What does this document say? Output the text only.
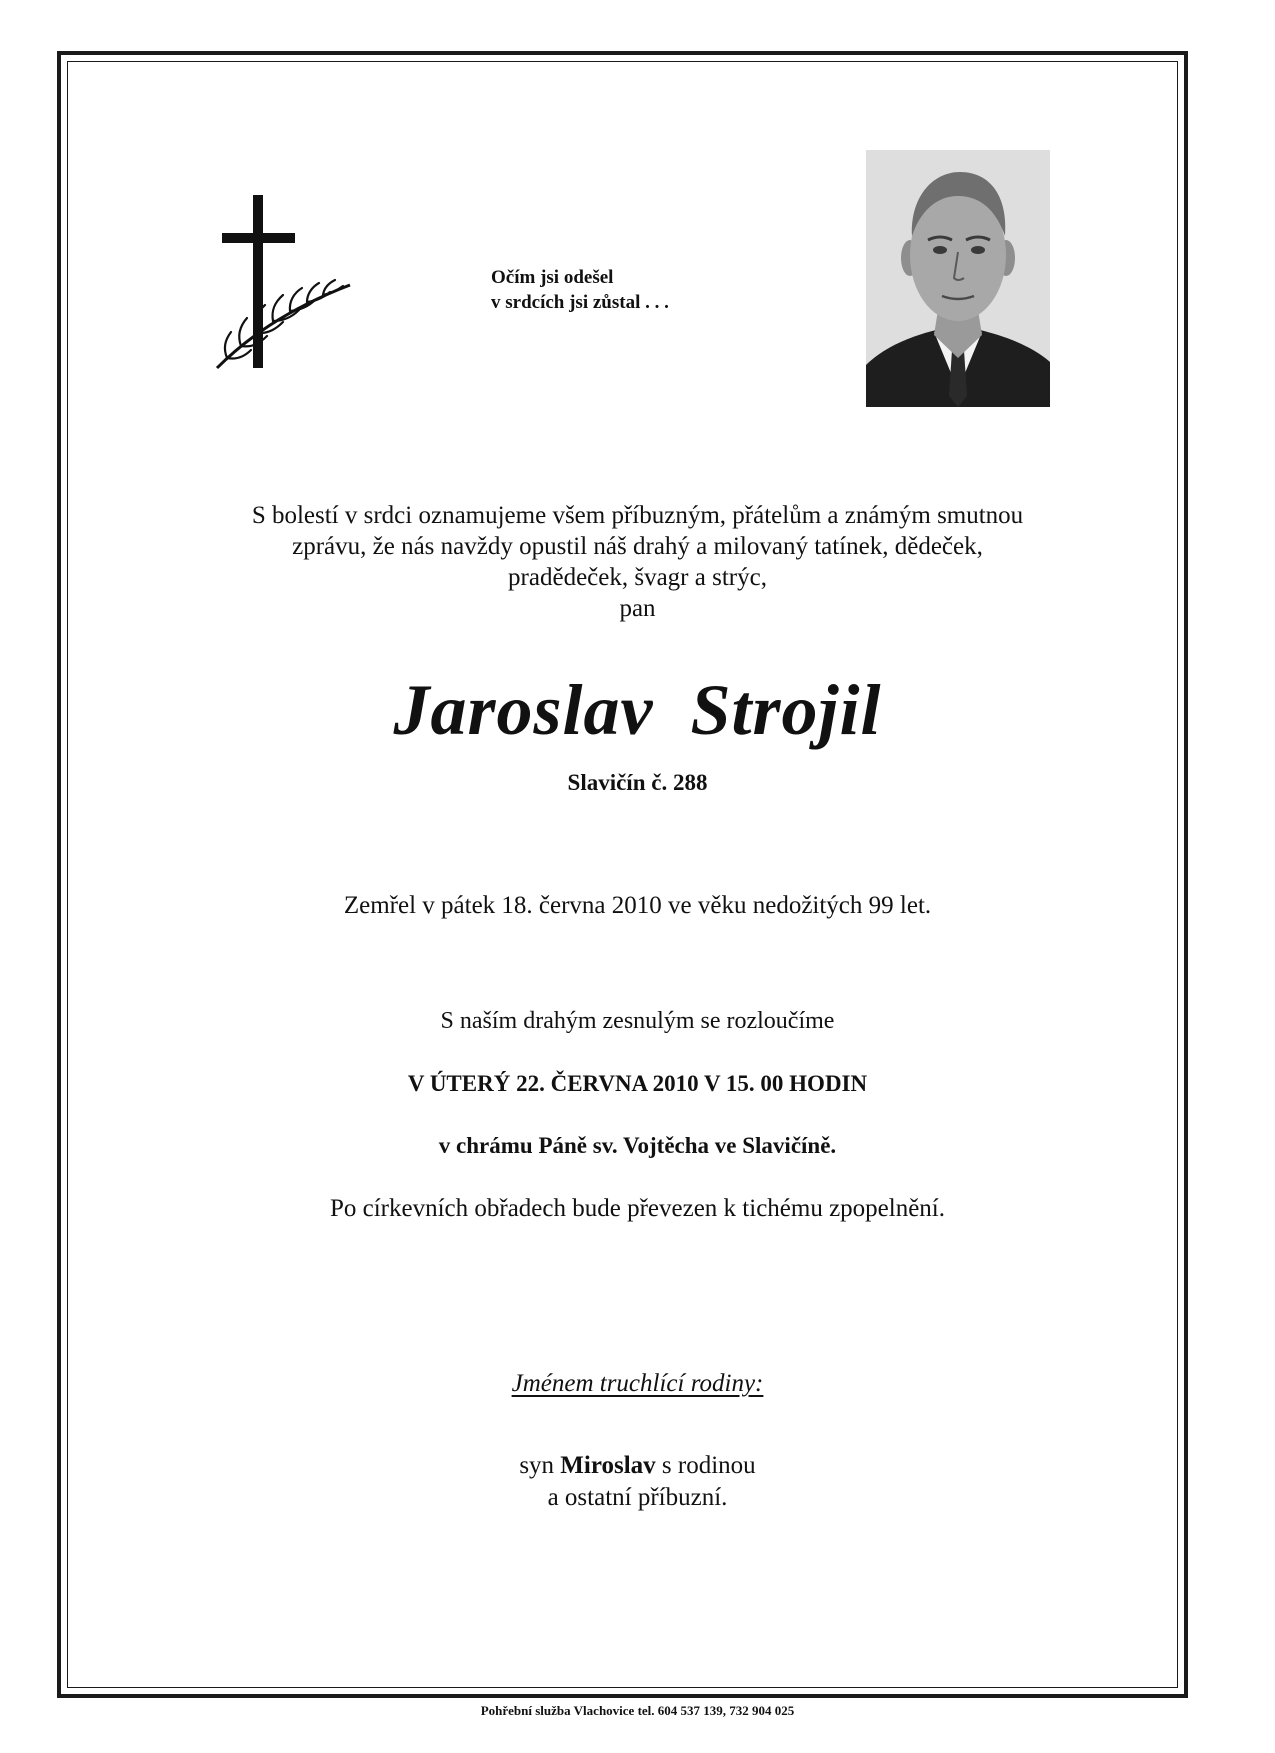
Očím jsi odešel
v srdcích jsi zůstal . . .
S bolestí v srdci oznamujeme všem příbuzným, přátelům a známým smutnou
zprávu, že nás navždy opustil náš drahý a milovaný tatínek, dědeček,
pradědeček, švagr a strýc,
pan
Jaroslav Strojil
Slavičín č. 288
Zemřel v pátek 18. června 2010 ve věku nedožitých 99 let.
S naším drahým zesnulým se rozloučíme
V ÚTERÝ 22. ČERVNA 2010 V 15. 00 HODIN
v chrámu Páně sv. Vojtěcha ve Slavičíně.
Po církevních obřadech bude převezen k tichému zpopelnění.
Jménem truchlící rodiny:
syn Miroslav s rodinou
a ostatní příbuzní.
Pohřební služba Vlachovice tel. 604 537 139, 732 904 025
